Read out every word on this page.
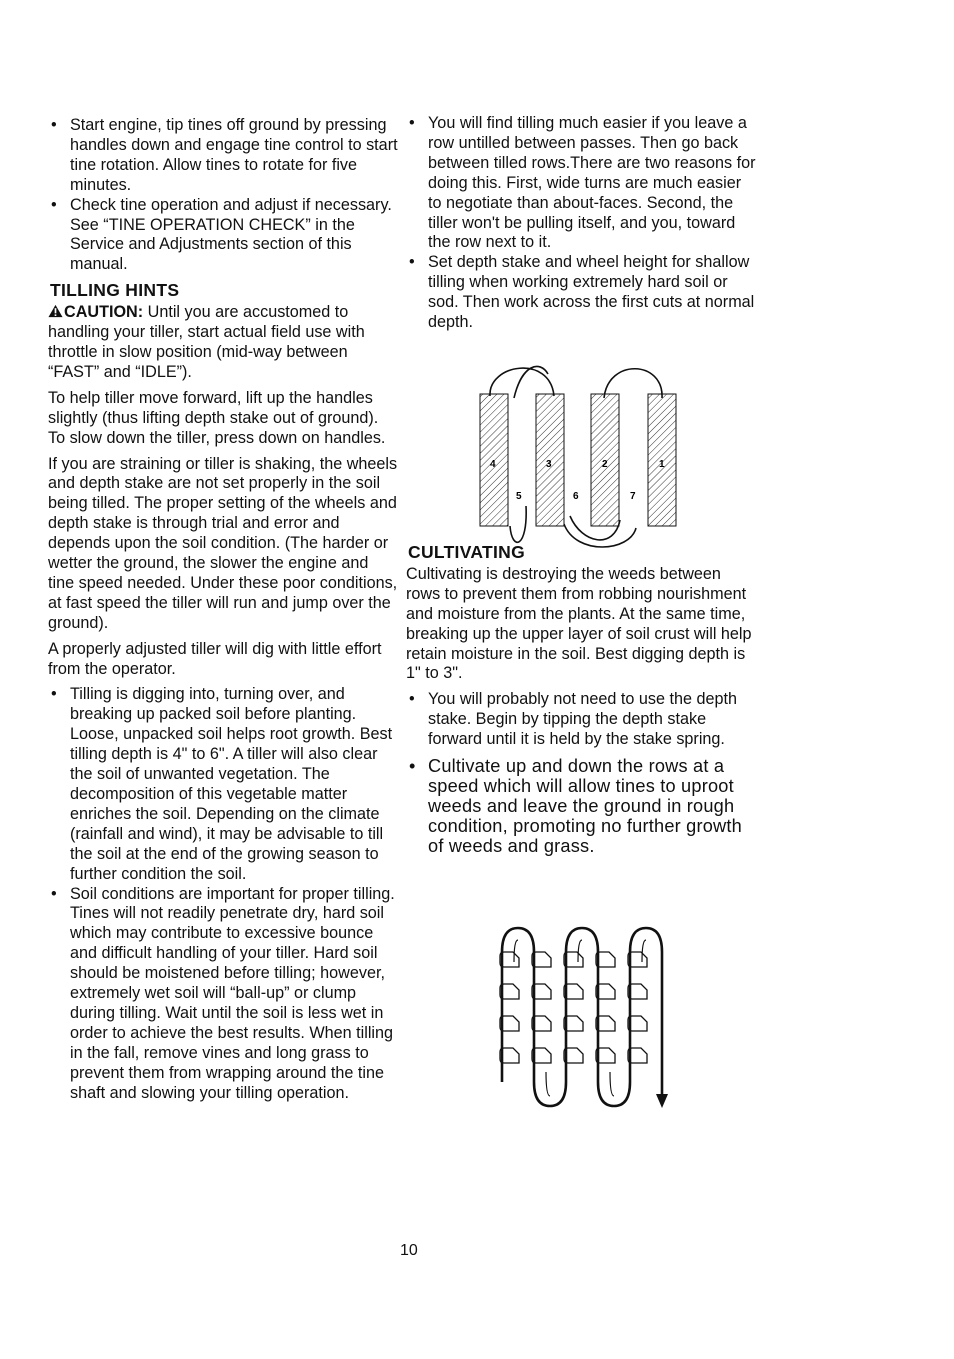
• Start engine, tip tines off ground by pressing handles down and engage tine control to start tine rotation. Allow tines to rotate for five minutes.
• Check tine operation and adjust if necessary. See “TINE OPERATION CHECK” in the Service and Adjustments section of this manual.
TILLING HINTS

CAUTION: Until you are accustomed to handling your tiller, start actual field use with throttle in slow position (mid-way between “FAST” and “IDLE”).

To help tiller move forward, lift up the handles slightly (thus lifting depth stake out of ground). To slow down the tiller, press down on handles.

If you are straining or tiller is shaking, the wheels and depth stake are not set properly in the soil being tilled. The proper setting of the wheels and depth stake is through trial and error and depends upon the soil condition. (The harder or wetter the ground, the slower the engine and tine speed needed. Under these poor conditions, at fast speed the tiller will run and jump over the ground).

A properly adjusted tiller will dig with little effort from the operator.

• Tilling is digging into, turning over, and breaking up packed soil before planting. Loose, unpacked soil helps root growth. Best tilling depth is 4" to 6". A tiller will also clear the soil of unwanted vegetation. The decomposition of this vegetable matter enriches the soil. Depending on the climate (rainfall and wind), it may be advisable to till the soil at the end of the growing season to further condition the soil.
• Soil conditions are important for proper tilling. Tines will not readily penetrate dry, hard soil which may contribute to excessive bounce and difficult handling of your tiller. Hard soil should be moistened before tilling; however, extremely wet soil will “ball-up” or clump during tilling. Wait until the soil is less wet in order to achieve the best results. When tilling in the fall, remove vines and long grass to prevent them from wrapping around the tine shaft and slowing your tilling operation.
• You will find tilling much easier if you leave a row untilled between passes. Then go back between tilled rows.There are two reasons for doing this. First, wide turns are much easier to negotiate than about-faces. Second, the tiller won't be pulling itself, and you, toward the row next to it.
• Set depth stake and wheel height for shallow tilling when working extremely hard soil or sod. Then work across the first cuts at normal depth.
CULTIVATING

Cultivating is destroying the weeds between rows to prevent them from robbing nourishment and moisture from the plants. At the same time, breaking up the upper layer of soil crust will help retain moisture in the soil. Best digging depth is 1" to 3".

• You will probably not need to use the depth stake. Begin by tipping the depth stake forward until it is held by the stake spring.
• Cultivate up and down the rows at a speed which will allow tines to uproot weeds and leave the ground in rough condition, promoting no further growth of weeds and grass.
4	3	2	1
5	6	7
10
